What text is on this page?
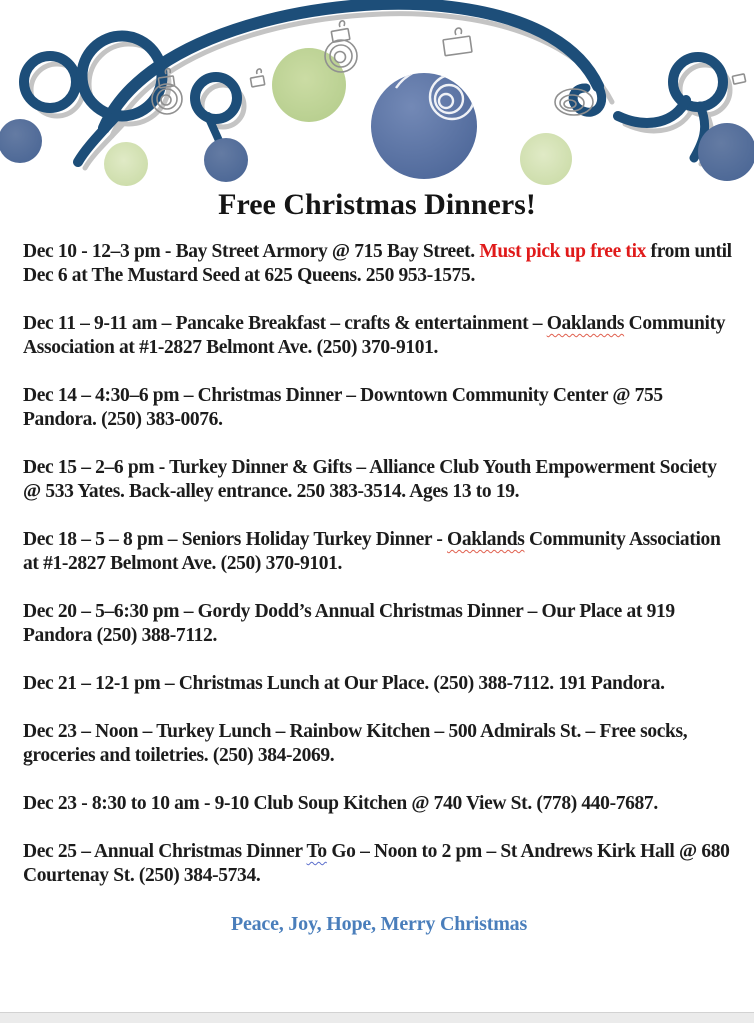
Free Christmas Dinners!

Dec 10 - 12–3 pm - Bay Street Armory @ 715 Bay Street. Must pick up free tix from until Dec 6 at The Mustard Seed at 625 Queens. 250 953-1575.

Dec 11 – 9-11 am – Pancake Breakfast – crafts & entertainment – Oaklands Community Association at #1-2827 Belmont Ave. (250) 370-9101.

Dec 14 – 4:30–6 pm – Christmas Dinner – Downtown Community Center @ 755 Pandora. (250) 383-0076.

Dec 15 – 2–6 pm - Turkey Dinner & Gifts – Alliance Club Youth Empowerment Society @ 533 Yates. Back-alley entrance. 250 383-3514. Ages 13 to 19.

Dec 18 – 5 – 8 pm – Seniors Holiday Turkey Dinner - Oaklands Community Association at #1-2827 Belmont Ave. (250) 370-9101.

Dec 20 – 5–6:30 pm – Gordy Dodd’s Annual Christmas Dinner – Our Place at 919 Pandora (250) 388-7112.

Dec 21 – 12-1 pm – Christmas Lunch at Our Place. (250) 388-7112. 191 Pandora.

Dec 23 – Noon – Turkey Lunch – Rainbow Kitchen – 500 Admirals St. – Free socks, groceries and toiletries. (250) 384-2069.

Dec 23 - 8:30 to 10 am - 9-10 Club Soup Kitchen @ 740 View St. (778) 440-7687.

Dec 25 – Annual Christmas Dinner To Go – Noon to 2 pm – St Andrews Kirk Hall @ 680 Courtenay St. (250) 384-5734.

Peace, Joy, Hope, Merry Christmas
